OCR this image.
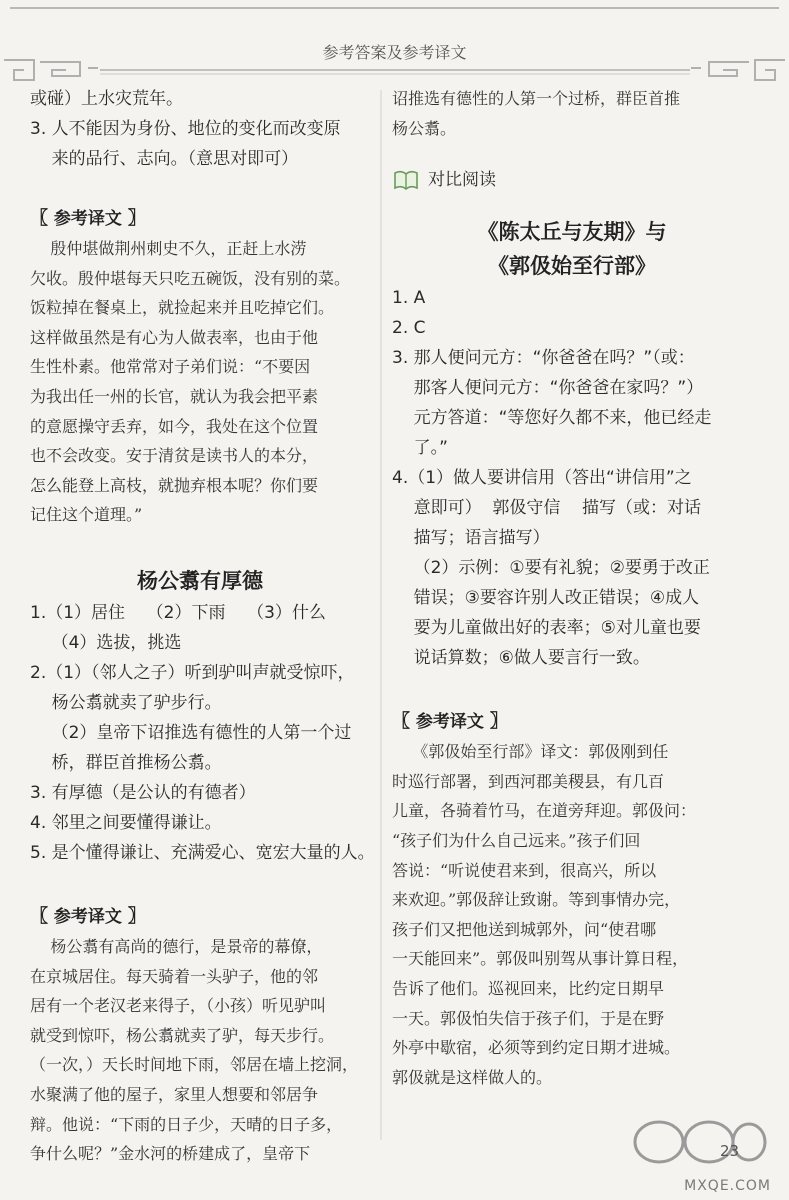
参考答案及参考译文
或碰）上水灾荒年。
3. 人不能因为身份、地位的变化而改变原
来的品行、志向。（意思对即可）
〖 参考译文 〗
殷仲堪做荆州刺史不久，正赶上水涝
欠收。殷仲堪每天只吃五碗饭，没有别的菜。
饭粒掉在餐桌上，就捡起来并且吃掉它们。
这样做虽然是有心为人做表率，也由于他
生性朴素。他常常对子弟们说：“不要因
为我出任一州的长官，就认为我会把平素
的意愿操守丢弃，如今，我处在这个位置
也不会改变。安于清贫是读书人的本分，
怎么能登上高枝，就抛弃根本呢？你们要
记住这个道理。”
杨公翥有厚德
1.（1）居住    （2）下雨    （3）什么
（4）选拔，挑选
2.（1）（邻人之子）听到驴叫声就受惊吓，
杨公翥就卖了驴步行。
（2）皇帝下诏推选有德性的人第一个过
桥，群臣首推杨公翥。
3. 有厚德（是公认的有德者）
4. 邻里之间要懂得谦让。
5. 是个懂得谦让、充满爱心、宽宏大量的人。
〖 参考译文 〗
杨公翥有高尚的德行，是景帝的幕僚，
在京城居住。每天骑着一头驴子，他的邻
居有一个老汉老来得子，（小孩）听见驴叫
就受到惊吓，杨公翥就卖了驴，每天步行。
（一次，）天长时间地下雨，邻居在墙上挖洞，
水聚满了他的屋子，家里人想要和邻居争
辩。他说：“下雨的日子少，天晴的日子多，
争什么呢？”金水河的桥建成了，皇帝下
诏推选有德性的人第一个过桥，群臣首推
杨公翥。
对比阅读
《陈太丘与友期》与
《郭伋始至行部》
1. A
2. C
3. 那人便问元方：“你爸爸在吗？”（或：
那客人便问元方：“你爸爸在家吗？”）
元方答道：“等您好久都不来，他已经走
了。”
4.（1）做人要讲信用（答出“讲信用”之
意即可）  郭伋守信    描写（或：对话
描写；语言描写）
（2）示例：①要有礼貌；②要勇于改正
错误；③要容许别人改正错误；④成人
要为儿童做出好的表率；⑤对儿童也要
说话算数；⑥做人要言行一致。
〖 参考译文 〗
《郭伋始至行部》译文：郭伋刚到任
时巡行部署，到西河郡美稷县，有几百
儿童，各骑着竹马，在道旁拜迎。郭伋问：
“孩子们为什么自己远来。”孩子们回
答说：“听说使君来到，很高兴，所以
来欢迎。”郭伋辞让致谢。等到事情办完，
孩子们又把他送到城郭外，问“使君哪
一天能回来”。郭伋叫别驾从事计算日程，
告诉了他们。巡视回来，比约定日期早
一天。郭伋怕失信于孩子们，于是在野
外亭中歇宿，必须等到约定日期才进城。
郭伋就是这样做人的。
23
MXQE.COM
